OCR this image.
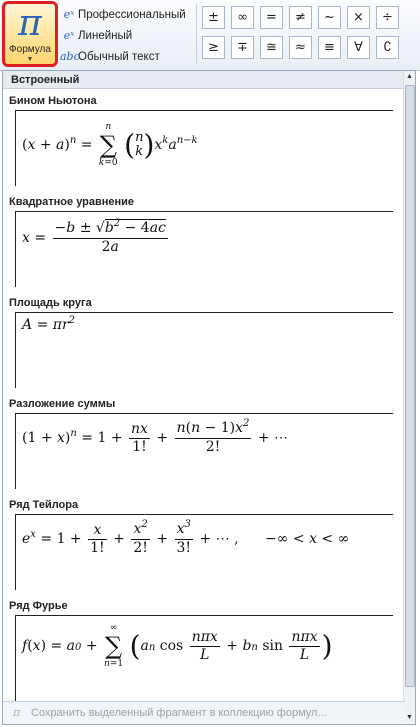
π
Формула
▼
eˣ Профессиональный
eˣ Линейный
abcОбычный текст
±	∞	=	≠	~	×	÷
≥	∓	≅	≈	≡	∀	∁
Встроенный
Бином Ньютона
$(x + a)^n$ =
n
∑
k=0
( n
k )$x^ka^{n-k}$
Квадратное уравнение
$x = \frac{-b \pm √b^2 - 4ac}{2a}$
Площадь круга
$A = \pi r^2$
Разложение суммы
$(1 + x)^n = 1 + \frac{nx}{1!} + \frac{n(n - 1)x^2}{2!}$ + ⋯
Ряд Тейлора
$e^x = 1 + \frac{x}{1!} + \frac{x^2}{2!} + \frac{x^3}{3!}$ + ⋯ , −∞ < x < ∞
Ряд Фурье
f(x) = a0 +
∞
∑
n=1
(an $\cos \frac{\text{nπx}}{L}$ + bn $\sin \frac{\text{nπx}}{L}$ )
▲
▼
π Сохранить выделенный фрагмент в коллекцию формул...
